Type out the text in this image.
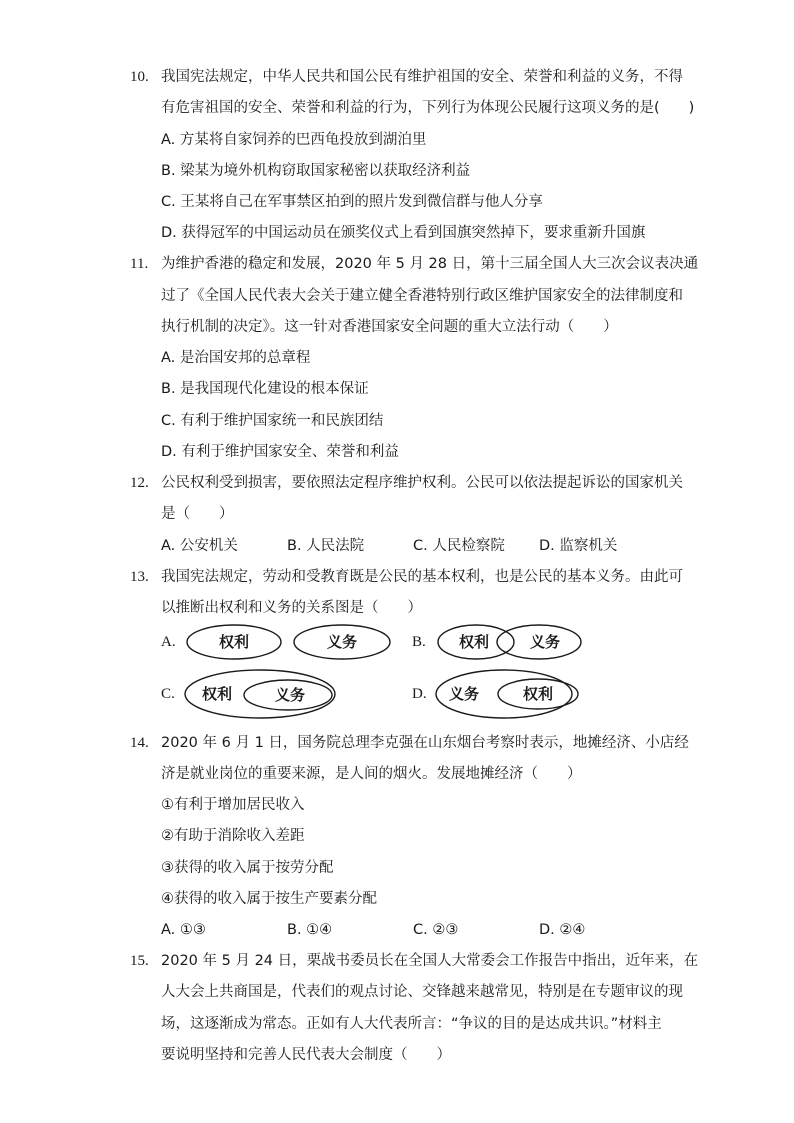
10. 我国宪法规定，中华人民共和国公民有维护祖国的安全、荣誉和利益的义务，不得
有危害祖国的安全、荣誉和利益的行为，下列行为体现公民履行这项义务的是(　　)
A. 方某将自家饲养的巴西龟投放到湖泊里
B. 梁某为境外机构窃取国家秘密以获取经济利益
C. 王某将自己在军事禁区拍到的照片发到微信群与他人分享
D. 获得冠军的中国运动员在颁奖仪式上看到国旗突然掉下，要求重新升国旗
11. 为维护香港的稳定和发展，2020 年 5 月 28 日，第十三届全国人大三次会议表决通
过了《全国人民代表大会关于建立健全香港特别行政区维护国家安全的法律制度和
执行机制的决定》。这一针对香港国家安全问题的重大立法行动（　　）
A. 是治国安邦的总章程
B. 是我国现代化建设的根本保证
C. 有利于维护国家统一和民族团结
D. 有利于维护国家安全、荣誉和利益
12. 公民权利受到损害，要依照法定程序维护权利。公民可以依法提起诉讼的国家机关
是（　　）
A. 公安机关	B. 人民法院	C. 人民检察院 D. 监察机关
13. 我国宪法规定，劳动和受教育既是公民的基本权利，也是公民的基本义务。由此可
以推断出权利和义务的关系图是（　　）
A.	B.
C.	D.
权利	义务	权利	义务
权利	义务	义务	权利
14. 2020 年 6 月 1 日，国务院总理李克强在山东烟台考察时表示，地摊经济、小店经
济是就业岗位的重要来源，是人间的烟火。发展地摊经济（　　）
①有利于增加居民收入
②有助于消除收入差距
③获得的收入属于按劳分配
④获得的收入属于按生产要素分配
A. ①③	B. ①④	C. ②③	D. ②④
15. 2020 年 5 月 24 日，栗战书委员长在全国人大常委会工作报告中指出，近年来，在
人大会上共商国是，代表们的观点讨论、交锋越来越常见，特别是在专题审议的现
场，这逐渐成为常态。正如有人大代表所言：“争议的目的是达成共识。”材料主
要说明坚持和完善人民代表大会制度（　　）
